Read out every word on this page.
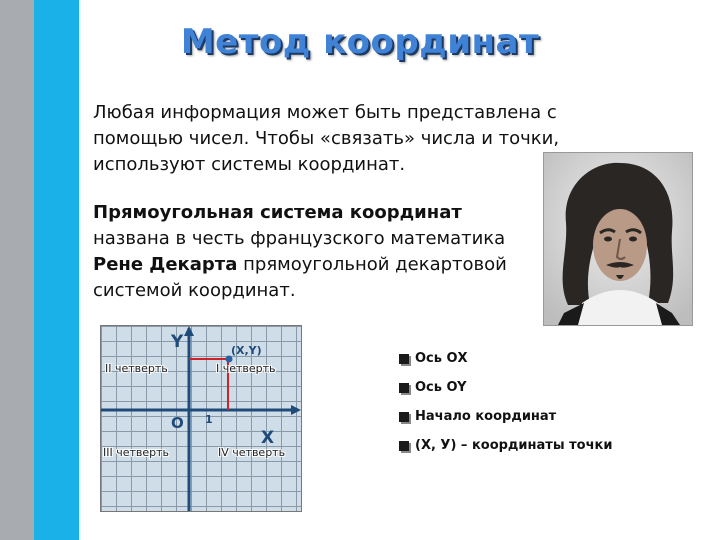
Метод координат
Любая информация может быть представлена с помощью чисел. Чтобы «связать» числа и точки, используют системы координат.
Прямоугольная система координат
названа в честь французского математика Рене Декарта прямоугольной декартовой системой координат.
Y
X
O 1
(X,Y)
I четверть
II четверть
III четверть	IV четверть
Ось ОХ
Ось OY
Начало координат
(X, У) – координаты точки
